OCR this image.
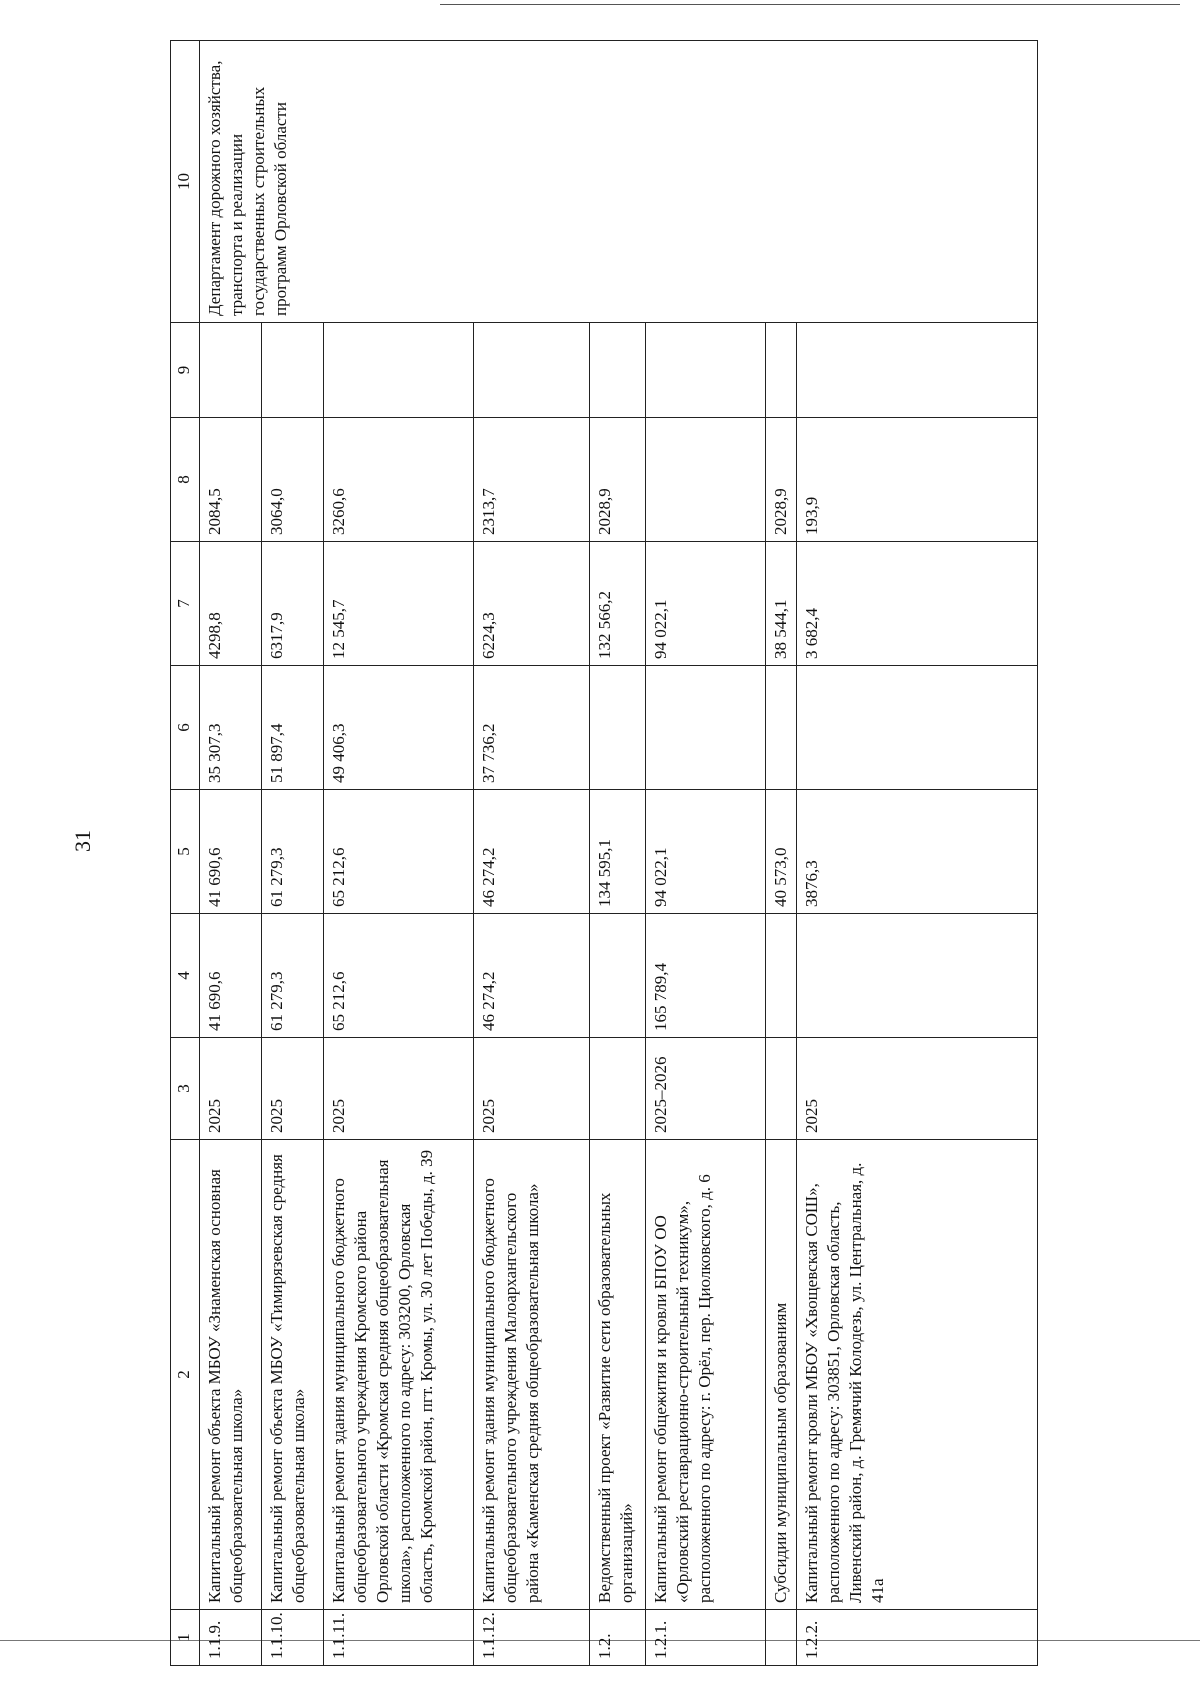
31
1	2	3	4	5	6	7	8	9	10
1.1.9.	Капитальный ремонт объекта МБОУ «Знаменская основная общеобразовательная школа»	2025	41 690,6	41 690,6	35 307,3	4298,8	2084,5		Департамент дорожного хозяйства, транспорта и реализации государственных строительных программ Орловской области
1.1.10.	Капитальный ремонт объекта МБОУ «Тимирязевская средняя общеобразовательная школа»	2025	61 279,3	61 279,3	51 897,4	6317,9	3064,0		
1.1.11.	Капитальный ремонт здания муниципального бюджетного общеобразовательного учреждения Кромского района Орловской области «Кромская средняя общеобразовательная школа», расположенного по адресу: 303200, Орловская область, Кромской район, пгт. Кромы, ул. 30 лет Победы, д. 39	2025	65 212,6	65 212,6	49 406,3	12 545,7	3260,6		
1.1.12.	Капитальный ремонт здания муниципального бюджетного общеобразовательного учреждения Малоархангельского района «Каменская средняя общеобразовательная школа»	2025	46 274,2	46 274,2	37 736,2	6224,3	2313,7		
1.2.	Ведомственный проект «Развитие сети образовательных организаций»			134 595,1		132 566,2	2028,9		
1.2.1.	Капитальный ремонт общежития и кровли БПОУ ОО «Орловский реставрационно-строительный техникум», расположенного по адресу: г. Орёл, пер. Циолковского, д. 6	2025–2026	165 789,4	94 022,1		94 022,1			
	Субсидии муниципальным образованиям			40 573,0		38 544,1	2028,9		
1.2.2.	Капитальный ремонт кровли МБОУ «Хвощевская СОШ», расположенного по адресу: 303851, Орловская область, Ливенский район, д. Гремячий Колодезь, ул. Центральная, д. 41а	2025		3876,3		3 682,4	193,9		
